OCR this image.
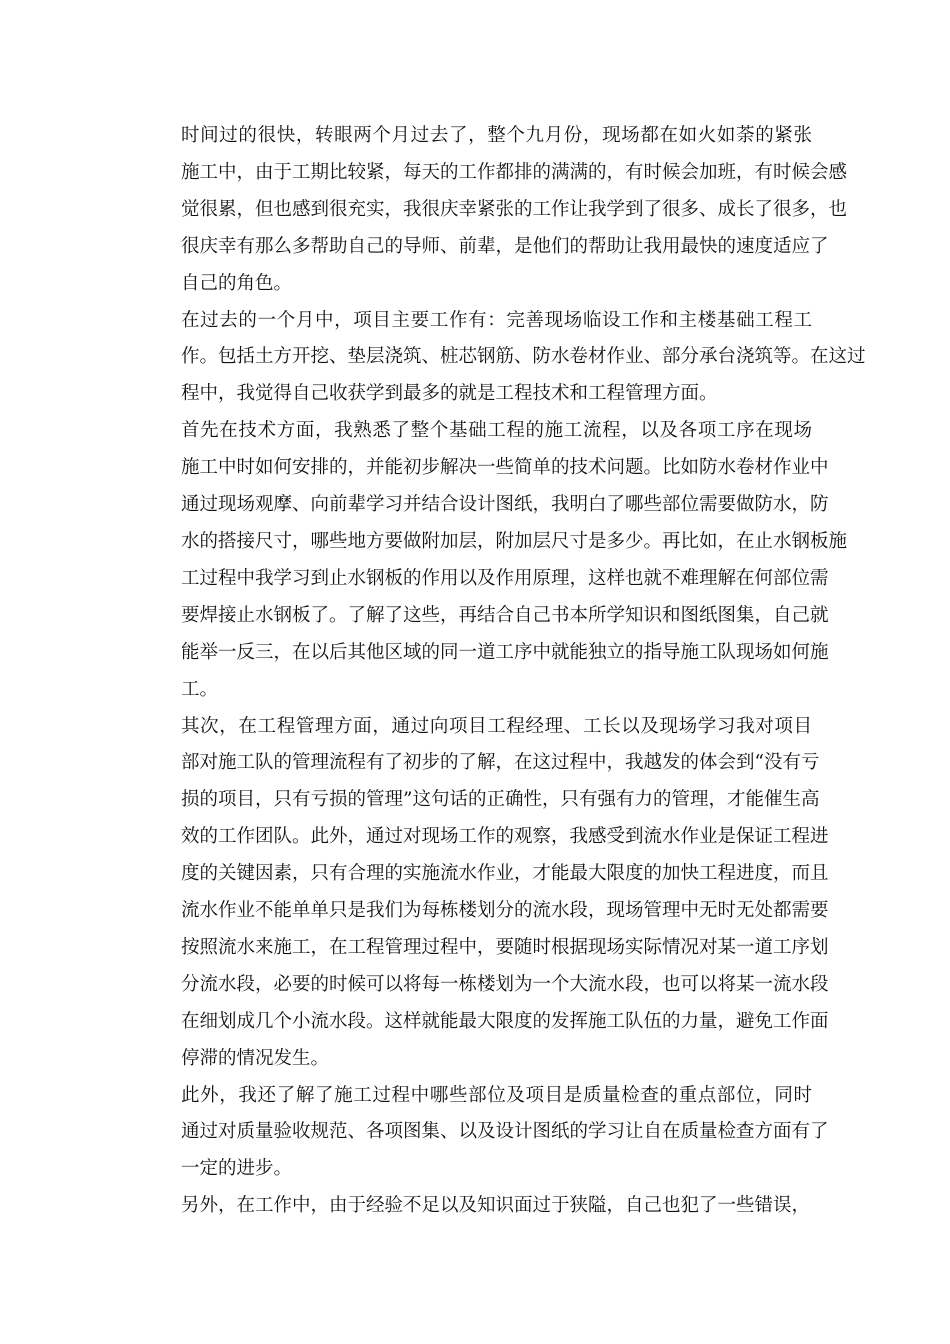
时间过的很快，转眼两个月过去了，整个九月份，现场都在如火如荼的紧张
施工中，由于工期比较紧，每天的工作都排的满满的，有时候会加班，有时候会感
觉很累，但也感到很充实，我很庆幸紧张的工作让我学到了很多、成长了很多，也
很庆幸有那么多帮助自己的导师、前辈，是他们的帮助让我用最快的速度适应了
自己的角色。

在过去的一个月中，项目主要工作有：完善现场临设工作和主楼基础工程工
作。包括土方开挖、垫层浇筑、桩芯钢筋、防水卷材作业、部分承台浇筑等。在这过
程中，我觉得自己收获学到最多的就是工程技术和工程管理方面。

首先在技术方面，我熟悉了整个基础工程的施工流程，以及各项工序在现场
施工中时如何安排的，并能初步解决一些简单的技术问题。比如防水卷材作业中
通过现场观摩、向前辈学习并结合设计图纸，我明白了哪些部位需要做防水，防
水的搭接尺寸，哪些地方要做附加层，附加层尺寸是多少。再比如，在止水钢板施
工过程中我学习到止水钢板的作用以及作用原理，这样也就不难理解在何部位需
要焊接止水钢板了。了解了这些，再结合自己书本所学知识和图纸图集，自己就
能举一反三，在以后其他区域的同一道工序中就能独立的指导施工队现场如何施
工。

其次，在工程管理方面，通过向项目工程经理、工长以及现场学习我对项目
部对施工队的管理流程有了初步的了解，在这过程中，我越发的体会到“没有亏
损的项目，只有亏损的管理”这句话的正确性，只有强有力的管理，才能催生高
效的工作团队。此外，通过对现场工作的观察，我感受到流水作业是保证工程进
度的关键因素，只有合理的实施流水作业，才能最大限度的加快工程进度，而且
流水作业不能单单只是我们为每栋楼划分的流水段，现场管理中无时无处都需要
按照流水来施工，在工程管理过程中，要随时根据现场实际情况对某一道工序划
分流水段，必要的时候可以将每一栋楼划为一个大流水段，也可以将某一流水段
在细划成几个小流水段。这样就能最大限度的发挥施工队伍的力量，避免工作面
停滞的情况发生。

此外，我还了解了施工过程中哪些部位及项目是质量检查的重点部位，同时
通过对质量验收规范、各项图集、以及设计图纸的学习让自在质量检查方面有了
一定的进步。

另外，在工作中，由于经验不足以及知识面过于狭隘，自己也犯了一些错误，
